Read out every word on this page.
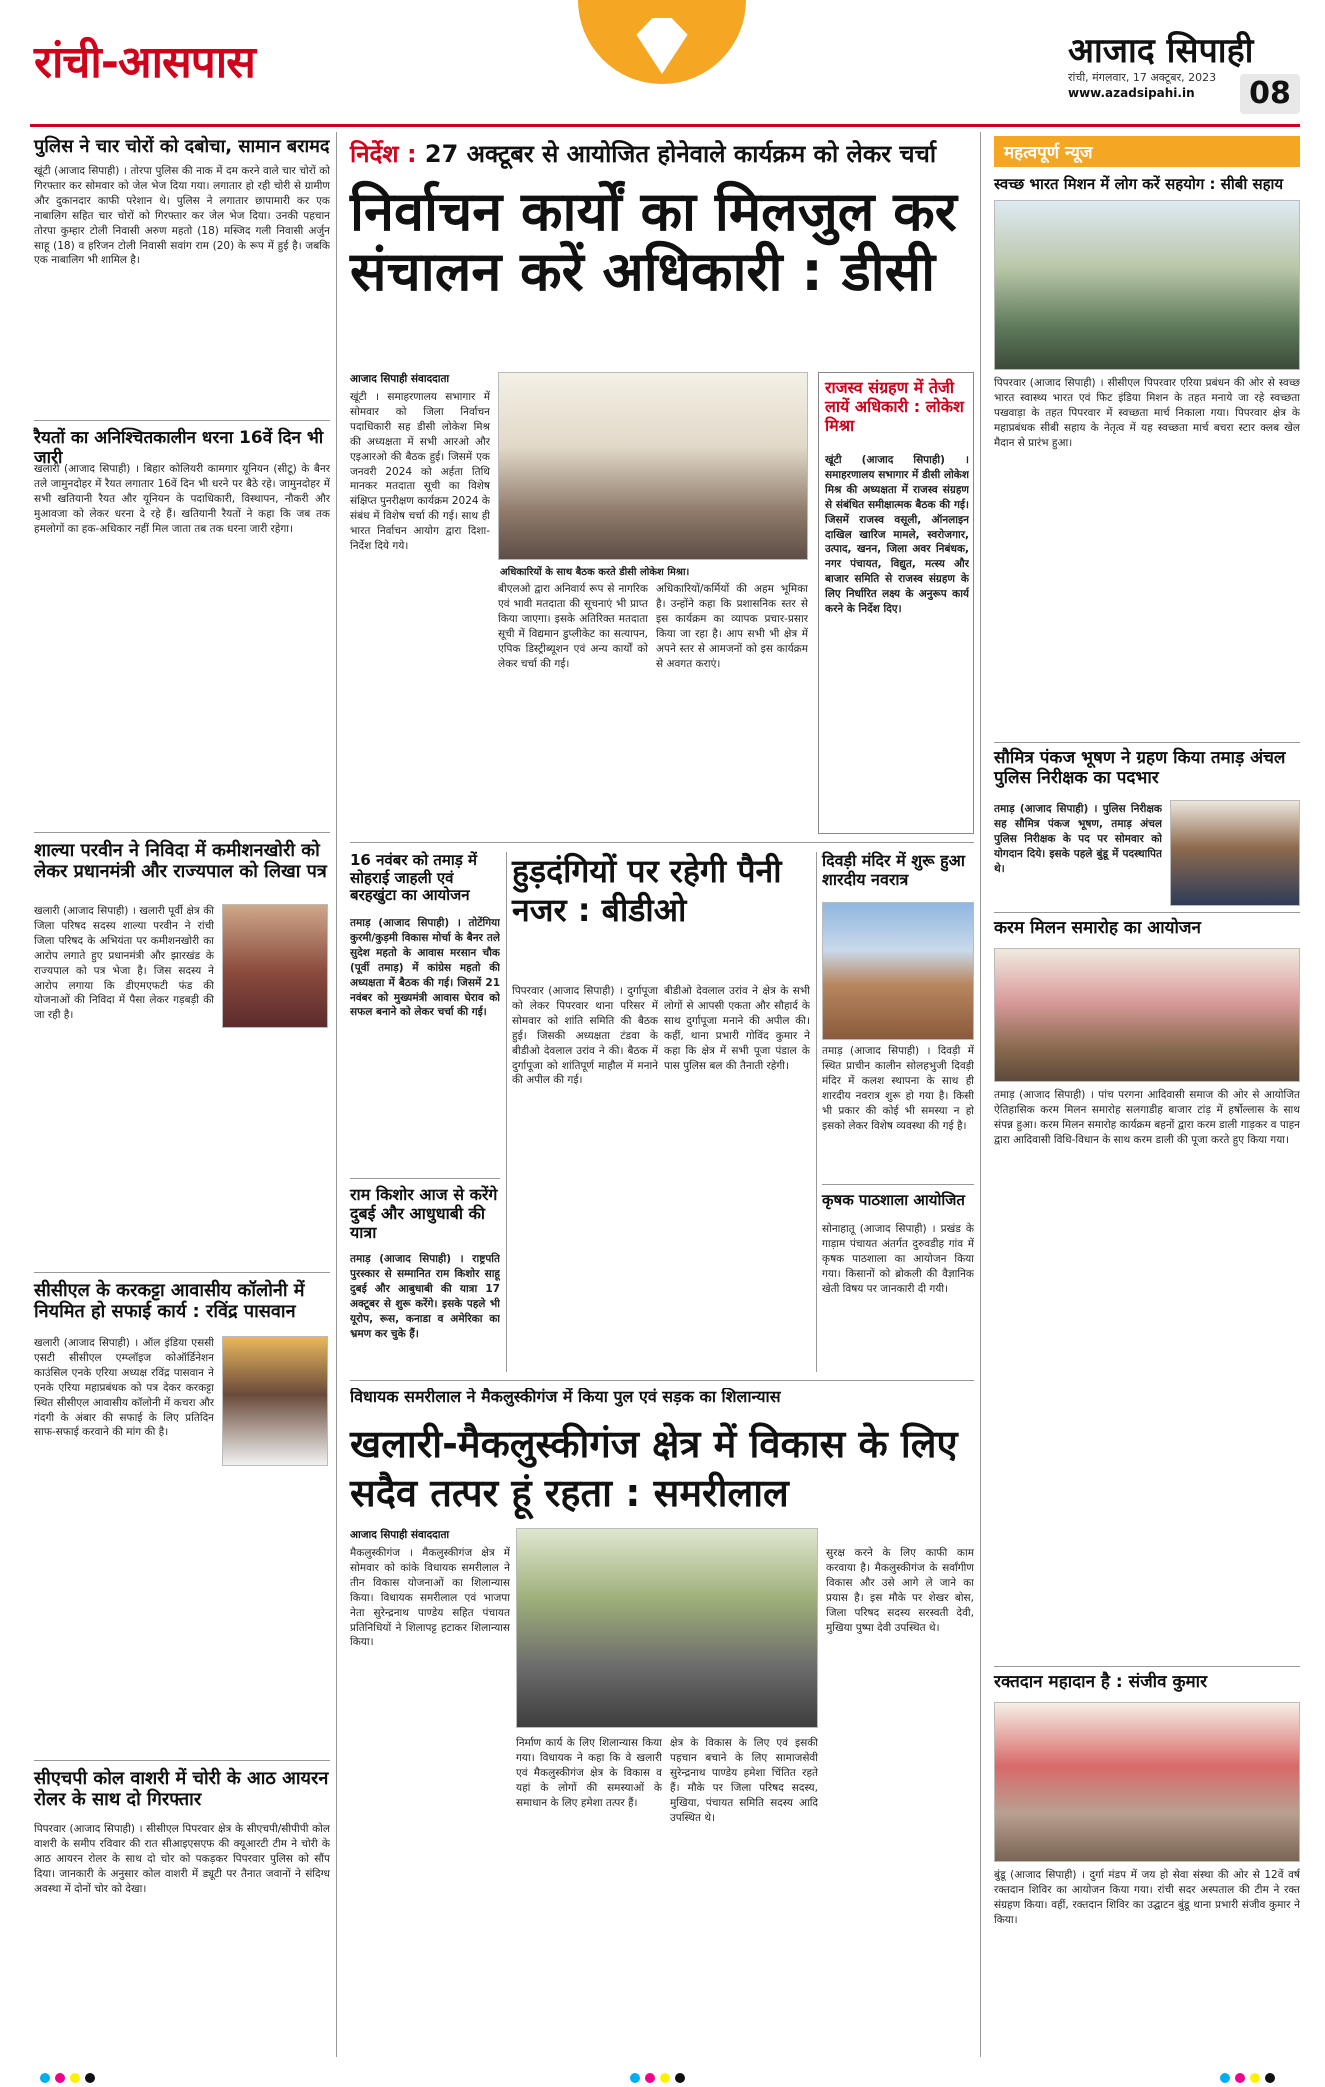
रांची-आसपास	आजाद सिपाही
रांची, मंगलवार, 17 अक्टूबर, 2023
www.azadsipahi.in	08
पुलिस ने चार चोरों को दबोचा, सामान बरामद
खूंटी (आजाद सिपाही) । तोरपा पुलिस की नाक में दम करने वाले चार चोरों को गिरफ्तार कर सोमवार को जेल भेज दिया गया। लगातार हो रही चोरी से ग्रामीण और दुकानदार काफी परेशान थे। पुलिस ने लगातार छापामारी कर एक नाबालिग सहित चार चोरों को गिरफ्तार कर जेल भेज दिया। उनकी पहचान तोरपा कुम्हार टोली निवासी अरुण महतो (18) मस्जिद गली निवासी अर्जुन साहू (18) व हरिजन टोली निवासी सवांग राम (20) के रूप में हुई है। जबकि एक नाबालिग भी शामिल है।
रैयतों का अनिश्चितकालीन धरना 16वें दिन भी जारी
खलारी (आजाद सिपाही) । बिहार कोलियरी कामगार यूनियन (सीटू) के बैनर तले जामुनदोहर में रैयत लगातार 16वें दिन भी धरने पर बैठे रहे। जामुनदोहर में सभी खतियानी रैयत और यूनियन के पदाधिकारी, विस्थापन, नौकरी और मुआवजा को लेकर धरना दे रहे हैं। खतियानी रैयतों ने कहा कि जब तक हमलोगों का हक-अधिकार नहीं मिल जाता तब तक धरना जारी रहेगा।
शाल्या परवीन ने निविदा में कमीशनखोरी को लेकर प्रधानमंत्री और राज्यपाल को लिखा पत्र
खलारी (आजाद सिपाही) । खलारी पूर्वी क्षेत्र की जिला परिषद सदस्य शाल्या परवीन ने रांची जिला परिषद के अभियंता पर कमीशनखोरी का आरोप लगाते हुए प्रधानमंत्री और झारखंड के राज्यपाल को पत्र भेजा है। जिस सदस्य ने आरोप लगाया कि डीएमएफटी फंड की योजनाओं की निविदा में पैसा लेकर गड़बड़ी की जा रही है।
सीसीएल के करकट्टा आवासीय कॉलोनी में नियमित हो सफाई कार्य : रविंद्र पासवान
खलारी (आजाद सिपाही) । ऑल इंडिया एससी एसटी सीसीएल एम्प्लॉइज कोऑर्डिनेशन काउंसिल एनके एरिया अध्यक्ष रविंद्र पासवान ने एनके एरिया महाप्रबंधक को पत्र देकर करकट्टा स्थित सीसीएल आवासीय कॉलोनी में कचरा और गंदगी के अंबार की सफाई के लिए प्रतिदिन साफ-सफाई करवाने की मांग की है।
सीएचपी कोल वाशरी में चोरी के आठ आयरन रोलर के साथ दो गिरफ्तार
पिपरवार (आजाद सिपाही) । सीसीएल पिपरवार क्षेत्र के सीएचपी/सीपीपी कोल वाशरी के समीप रविवार की रात सीआइएसएफ की क्यूआरटी टीम ने चोरी के आठ आयरन रोलर के साथ दो चोर को पकड़कर पिपरवार पुलिस को सौंप दिया। जानकारी के अनुसार कोल वाशरी में ड्यूटी पर तैनात जवानों ने संदिग्ध अवस्था में दोनों चोर को देखा।
निर्देश : 27 अक्टूबर से आयोजित होनेवाले कार्यक्रम को लेकर चर्चा
निर्वाचन कार्यों का मिलजुल कर संचालन करें अधिकारी : डीसी
आजाद सिपाही संवाददाता
खूंटी । समाहरणालय सभागार में सोमवार को जिला निर्वाचन पदाधिकारी सह डीसी लोकेश मिश्र की अध्यक्षता में सभी आरओ और एइआरओ की बैठक हुई। जिसमें एक जनवरी 2024 को अर्हता तिथि मानकर मतदाता सूची का विशेष संक्षिप्त पुनरीक्षण कार्यक्रम 2024 के संबंध में विशेष चर्चा की गई। साथ ही भारत निर्वाचन आयोग द्वारा दिशा-निर्देश दिये गये।
अधिकारियों के साथ बैठक करते डीसी लोकेश मिश्रा।
बीएलओ द्वारा अनिवार्य रूप से नागरिक एवं भावी मतदाता की सूचनाएं भी प्राप्त किया जाएगा। इसके अतिरिक्त मतदाता सूची में विद्यमान डुप्लीकेट का सत्यापन, एपिक डिस्ट्रीब्यूशन एवं अन्य कार्यों को लेकर चर्चा की गई।
अधिकारियों/कर्मियों की अहम भूमिका है। उन्होंने कहा कि प्रशासनिक स्तर से इस कार्यक्रम का व्यापक प्रचार-प्रसार किया जा रहा है। आप सभी भी क्षेत्र में अपने स्तर से आमजनों को इस कार्यक्रम से अवगत कराएं।
राजस्व संग्रहण में तेजी लायें अधिकारी : लोकेश मिश्रा
खूंटी (आजाद सिपाही) । समाहरणालय सभागार में डीसी लोकेश मिश्र की अध्यक्षता में राजस्व संग्रहण से संबंधित समीक्षात्मक बैठक की गई। जिसमें राजस्व वसूली, ऑनलाइन दाखिल खारिज मामले, स्वरोजगार, उत्पाद, खनन, जिला अवर निबंधक, नगर पंचायत, विद्युत, मत्स्य और बाजार समिति से राजस्व संग्रहण के लिए निर्धारित लक्ष्य के अनुरूप कार्य करने के निर्देश दिए।
16 नवंबर को तमाड़ में सोहराई जाहली एवं बरहखुंटा का आयोजन
तमाड़ (आजाद सिपाही) । तोटेंगिया कुरमी/कुड़मी विकास मोर्चा के बैनर तले सुदेश महतो के आवास मरसान चौक (पूर्वी तमाड़) में कांग्रेस महतो की अध्यक्षता में बैठक की गई। जिसमें 21 नवंबर को मुख्यमंत्री आवास घेराव को सफल बनाने को लेकर चर्चा की गई।
राम किशोर आज से करेंगे दुबई और आधुधाबी की यात्रा
तमाड़ (आजाद सिपाही) । राष्ट्रपति पुरस्कार से सम्मानित राम किशोर साहू दुबई और आबुधाबी की यात्रा 17 अक्टूबर से शुरू करेंगे। इसके पहले भी यूरोप, रूस, कनाडा व अमेरिका का भ्रमण कर चुके हैं।
हुड़दंगियों पर रहेगी पैनी नजर : बीडीओ
पिपरवार (आजाद सिपाही) । दुर्गापूजा को लेकर पिपरवार थाना परिसर में सोमवार को शांति समिति की बैठक हुई। जिसकी अध्यक्षता टंडवा के बीडीओ देवलाल उरांव ने की। बैठक में दुर्गापूजा को शांतिपूर्ण माहौल में मनाने की अपील की गई।
बीडीओ देवलाल उरांव ने क्षेत्र के सभी लोगों से आपसी एकता और सौहार्द के साथ दुर्गापूजा मनाने की अपील की। कहीं, थाना प्रभारी गोविंद कुमार ने कहा कि क्षेत्र में सभी पूजा पंडाल के पास पुलिस बल की तैनाती रहेगी।
दिवड़ी मंदिर में शुरू हुआ शारदीय नवरात्र
तमाड़ (आजाद सिपाही) । दिवड़ी में स्थित प्राचीन कालीन सोलहभुजी दिवड़ी मंदिर में कलश स्थापना के साथ ही शारदीय नवरात्र शुरू हो गया है। किसी भी प्रकार की कोई भी समस्या न हो इसको लेकर विशेष व्यवस्था की गई है।
कृषक पाठशाला आयोजित
सोनाहातू (आजाद सिपाही) । प्रखंड के गाड़ाम पंचायत अंतर्गत दुरुवडीह गांव में कृषक पाठशाला का आयोजन किया गया। किसानों को ब्रोकली की वैज्ञानिक खेती विषय पर जानकारी दी गयी।
विधायक समरीलाल ने मैकलुस्कीगंज में किया पुल एवं सड़क का शिलान्यास
खलारी-मैकलुस्कीगंज क्षेत्र में विकास के लिए सदैव तत्पर हूं रहता : समरीलाल
आजाद सिपाही संवाददाता
मैकलुस्कीगंज । मैकलुस्कीगंज क्षेत्र में सोमवार को कांके विधायक समरीलाल ने तीन विकास योजनाओं का शिलान्यास किया। विधायक समरीलाल एवं भाजपा नेता सुरेन्द्रनाथ पाण्डेय सहित पंचायत प्रतिनिधियों ने शिलापट्ट हटाकर शिलान्यास किया।
निर्माण कार्य के लिए शिलान्यास किया गया। विधायक ने कहा कि वे खलारी एवं मैकलुस्कीगंज क्षेत्र के विकास व यहां के लोगों की समस्याओं के समाधान के लिए हमेशा तत्पर हैं।
क्षेत्र के विकास के लिए एवं इसकी पहचान बचाने के लिए सामाजसेवी सुरेन्द्रनाथ पाण्डेय हमेशा चिंतित रहते हैं। मौके पर जिला परिषद सदस्य, मुखिया, पंचायत समिति सदस्य आदि उपस्थित थे।
सुरक्ष करने के लिए काफी काम करवाया है। मैकलुस्कीगंज के सर्वांगीण विकास और उसे आगे ले जाने का प्रयास है। इस मौके पर शेखर बोस, जिला परिषद सदस्य सरस्वती देवी, मुखिया पुष्पा देवी उपस्थित थे।
महत्वपूर्ण न्यूज
स्वच्छ भारत मिशन में लोग करें सहयोग : सीबी सहाय
पिपरवार (आजाद सिपाही) । सीसीएल पिपरवार एरिया प्रबंधन की ओर से स्वच्छ भारत स्वास्थ्य भारत एवं फिट इंडिया मिशन के तहत मनाये जा रहे स्वच्छता पखवाड़ा के तहत पिपरवार में स्वच्छता मार्च निकाला गया। पिपरवार क्षेत्र के महाप्रबंधक सीबी सहाय के नेतृत्व में यह स्वच्छता मार्च बचरा स्टार क्लब खेल मैदान से प्रारंभ हुआ।
सौमित्र पंकज भूषण ने ग्रहण किया तमाड़ अंचल पुलिस निरीक्षक का पदभार
तमाड़ (आजाद सिपाही) । पुलिस निरीक्षक सह सौमित्र पंकज भूषण, तमाड़ अंचल पुलिस निरीक्षक के पद पर सोमवार को योगदान दिये। इसके पहले बुंडू में पदस्थापित थे।
करम मिलन समारोह का आयोजन
तमाड़ (आजाद सिपाही) । पांच परगना आदिवासी समाज की ओर से आयोजित ऐतिहासिक करम मिलन समारोह सलगाडीह बाजार टांड़ में हर्षोल्लास के साथ संपन्न हुआ। करम मिलन समारोह कार्यक्रम बहनों द्वारा करम डाली गाड़कर व पाहन द्वारा आदिवासी विधि-विधान के साथ करम डाली की पूजा करते हुए किया गया।
रक्तदान महादान है : संजीव कुमार
बुंडू (आजाद सिपाही) । दुर्गा मंडप में जय हो सेवा संस्था की ओर से 12वें वर्ष रक्तदान शिविर का आयोजन किया गया। रांची सदर अस्पताल की टीम ने रक्त संग्रहण किया। वहीं, रक्तदान शिविर का उद्घाटन बुंडू थाना प्रभारी संजीव कुमार ने किया।
